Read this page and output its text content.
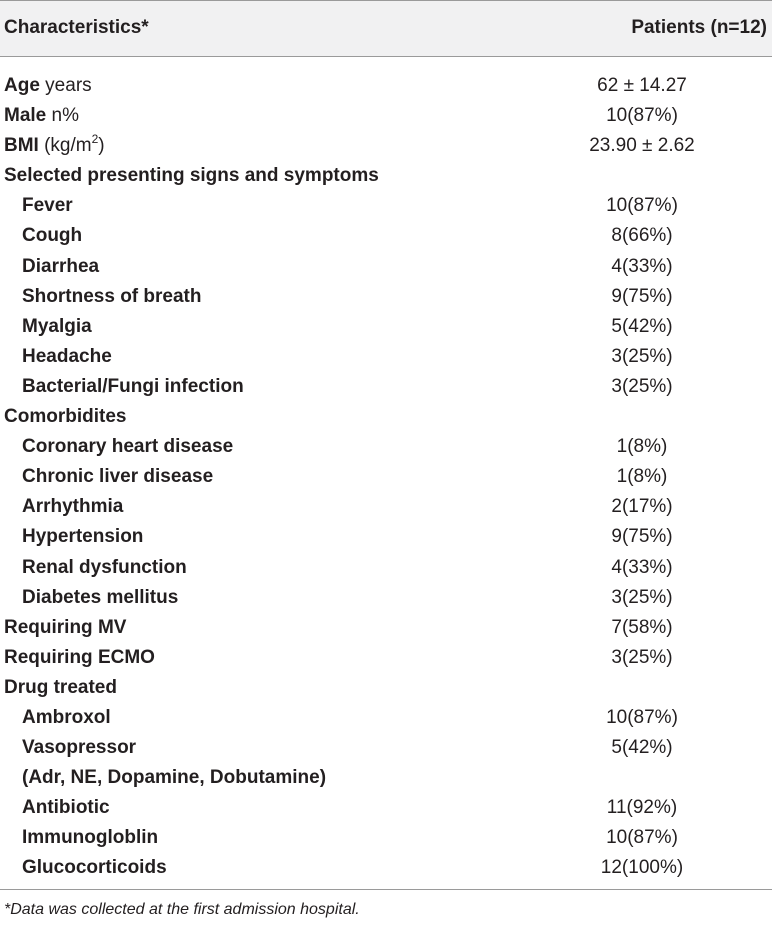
Characteristics*	Patients (n=12)
Age years	62 ± 14.27
Male n%	10(87%)
BMI $(kg/m^2)$	23.90 ± 2.62
Selected presenting signs and symptoms
Fever	10(87%)
Cough	8(66%)
Diarrhea	4(33%)
Shortness of breath	9(75%)
Myalgia	5(42%)
Headache	3(25%)
Bacterial/Fungi infection	3(25%)
Comorbidites
Coronary heart disease	1(8%)
Chronic liver disease	1(8%)
Arrhythmia	2(17%)
Hypertension	9(75%)
Renal dysfunction	4(33%)
Diabetes mellitus	3(25%)
Requiring MV	7(58%)
Requiring ECMO	3(25%)
Drug treated
Ambroxol	10(87%)
Vasopressor	5(42%)
(Adr, NE, Dopamine, Dobutamine)
Antibiotic	11(92%)
Immunogloblin	10(87%)
Glucocorticoids	12(100%)
*Data was collected at the first admission hospital.
